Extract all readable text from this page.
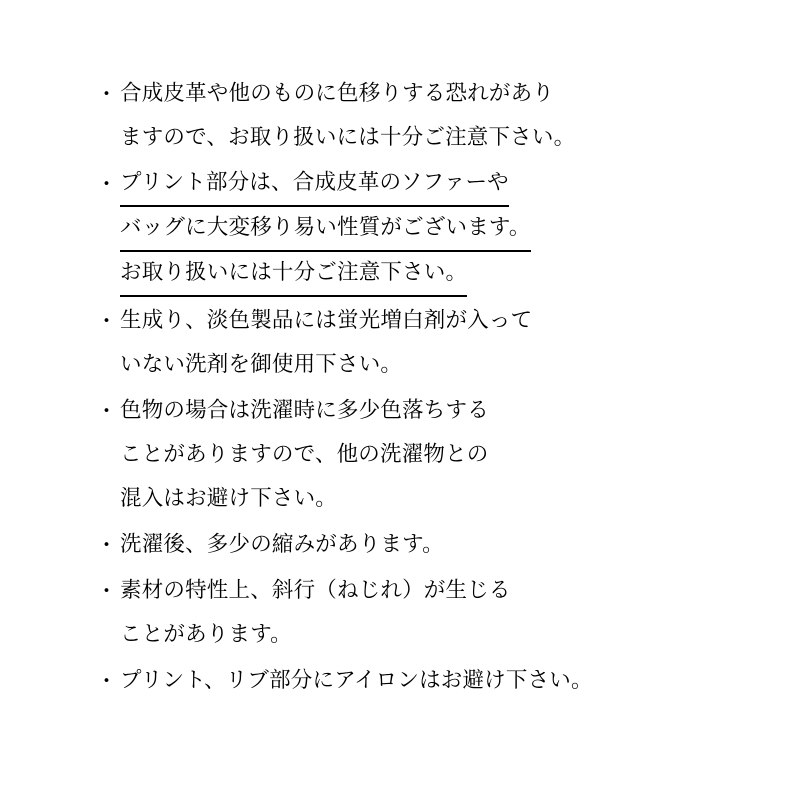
・ 合成皮革や他のものに色移りする恐れがあり
ますので、お取り扱いには十分ご注意下さい。
・ プリント部分は、合成皮革のソファーや
バッグに大変移り易い性質がございます。
お取り扱いには十分ご注意下さい。
・ 生成り、淡色製品には蛍光増白剤が入って
いない洗剤を御使用下さい。
・ 色物の場合は洗濯時に多少色落ちする
ことがありますので、他の洗濯物との
混入はお避け下さい。
・ 洗濯後、多少の縮みがあります。
・ 素材の特性上、斜行（ねじれ）が生じる
ことがあります。
・ プリント、リブ部分にアイロンはお避け下さい。
